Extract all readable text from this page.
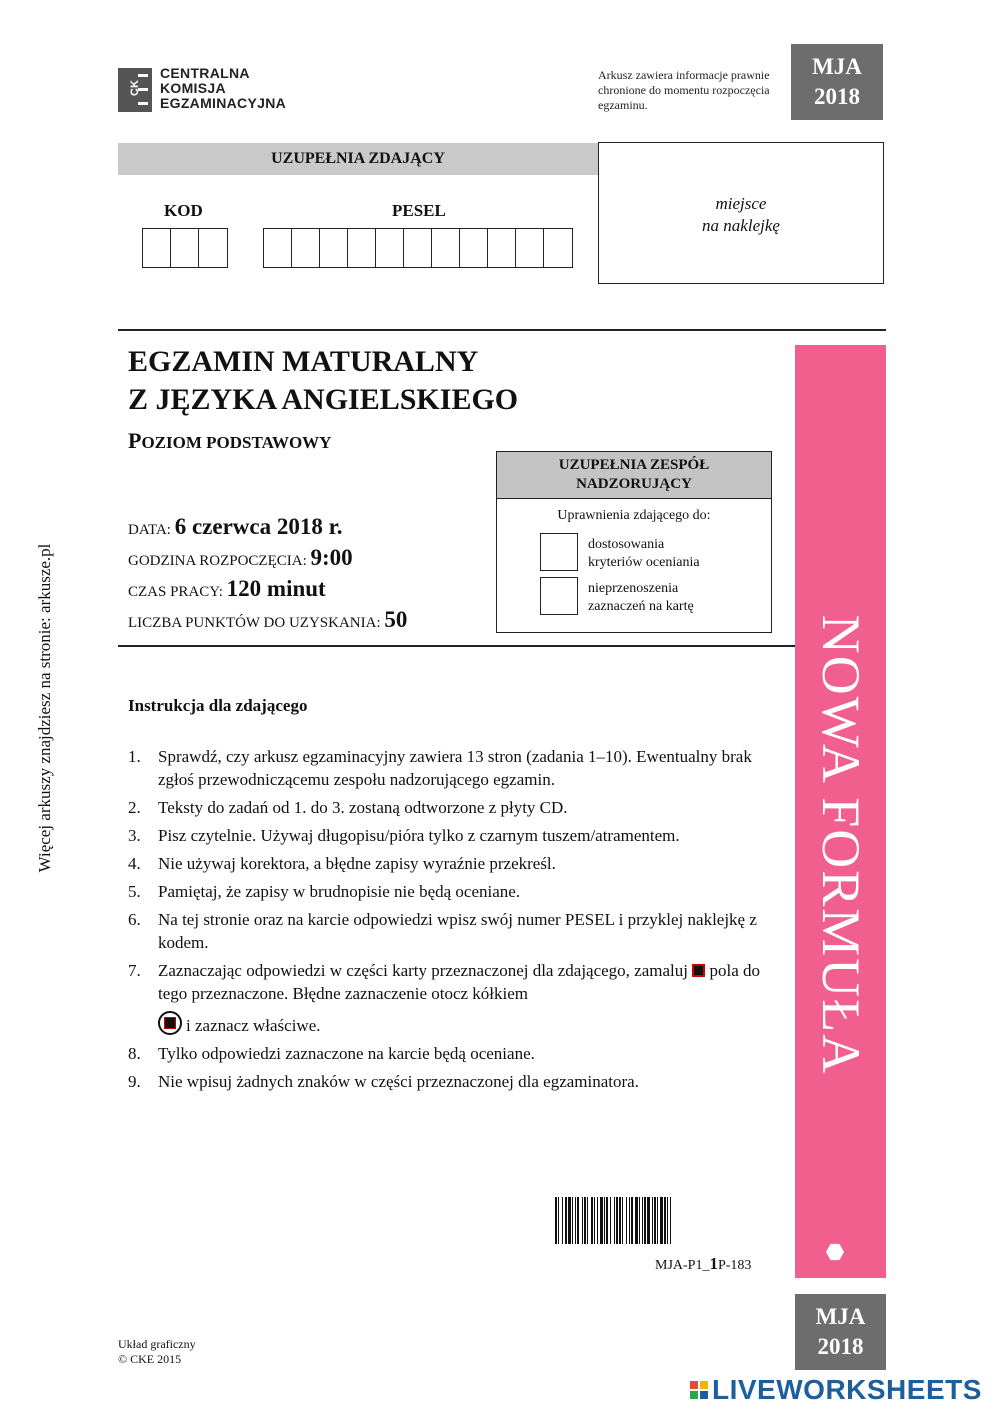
CK
CENTRALNA
KOMISJA
EGZAMINACYJNA
Arkusz zawiera informacje prawnie chronione do momentu rozpoczęcia egzaminu.
MJA
2018
UZUPEŁNIA ZDAJĄCY
KOD	PESEL	miejsce
na naklejkę
EGZAMIN MATURALNY
Z JĘZYKA ANGIELSKIEGO
POZIOM PODSTAWOWY
DATA: 6 czerwca 2018 r.
GODZINA ROZPOCZĘCIA: 9:00
CZAS PRACY: 120 minut
LICZBA PUNKTÓW DO UZYSKANIA: 50
UZUPEŁNIA ZESPÓŁ
NADZORUJĄCY
Uprawnienia zdającego do:
dostosowania
kryteriów oceniania
nieprzenoszenia
zaznaczeń na kartę
NOWA FORMUŁA
Więcej arkuszy znajdziesz na stronie: arkusze.pl	Instrukcja dla zdającego
1.	Sprawdź, czy arkusz egzaminacyjny zawiera 13 stron (zadania 1–10). Ewentualny brak zgłoś przewodniczącemu zespołu nadzorującego egzamin.
2.	Teksty do zadań od 1. do 3. zostaną odtworzone z płyty CD.
3.	Pisz czytelnie. Używaj długopisu/pióra tylko z czarnym tuszem/atramentem.
4.	Nie używaj korektora, a błędne zapisy wyraźnie przekreśl.
5.	Pamiętaj, że zapisy w brudnopisie nie będą oceniane.
6.	Na tej stronie oraz na karcie odpowiedzi wpisz swój numer PESEL i przyklej naklejkę z kodem.
7.	Zaznaczając odpowiedzi w części karty przeznaczonej dla zdającego, zamaluj  pola do tego przeznaczone. Błędne zaznaczenie otocz kółkiem
i zaznacz właściwe.
8.	Tylko odpowiedzi zaznaczone na karcie będą oceniane.
9.	Nie wpisuj żadnych znaków w części przeznaczonej dla egzaminatora.
MJA-P1_1P-183
Układ graficzny
© CKE 2015
MJA
2018
LIVEWORKSHEETS
